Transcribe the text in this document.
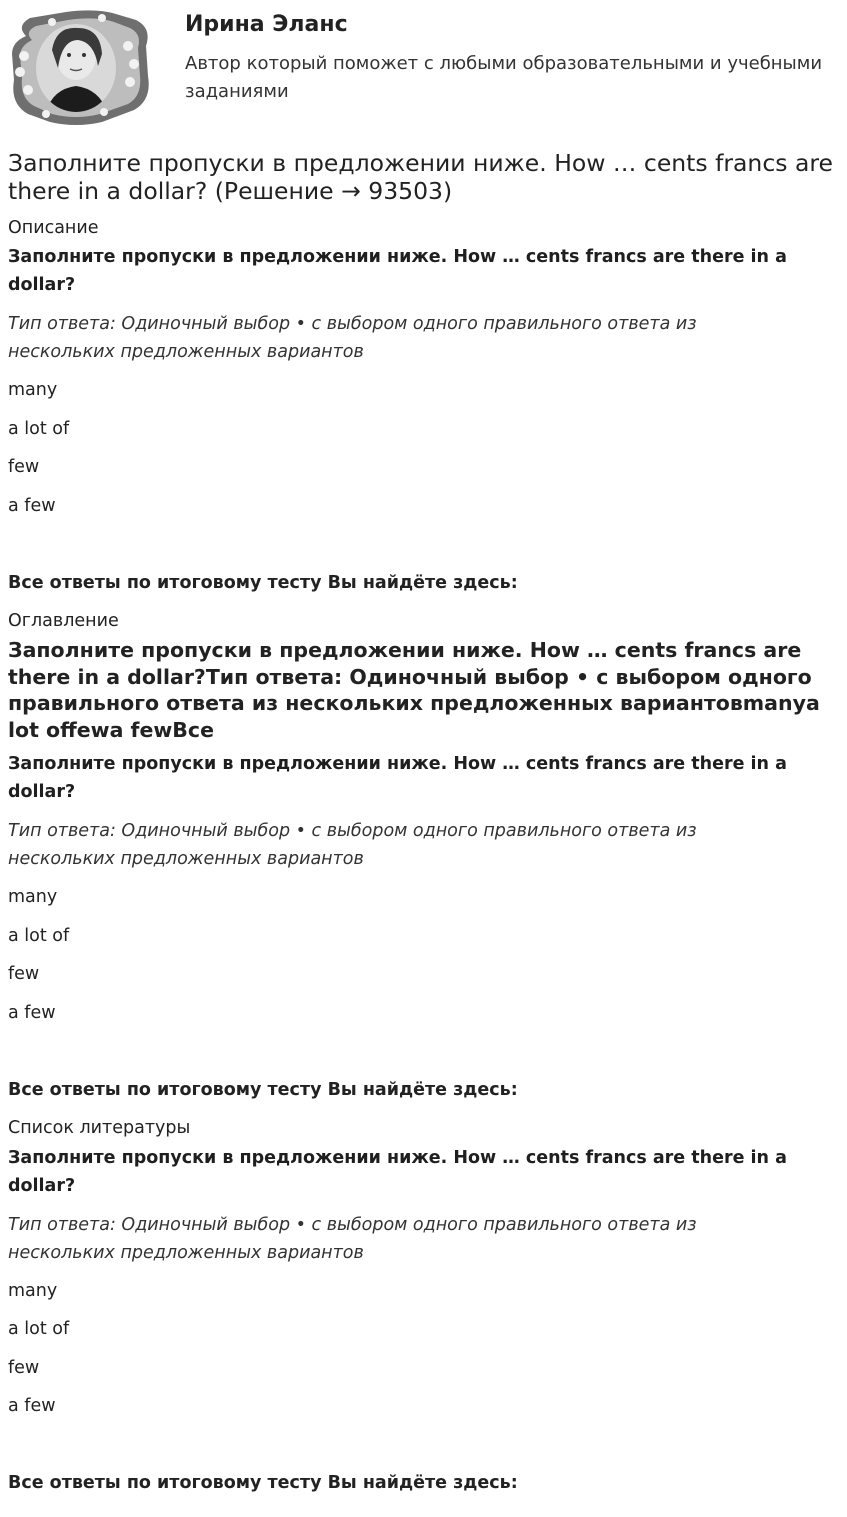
Ирина Эланс

Автор который поможет с любыми образовательными и учебными заданиями

Заполните пропуски в предложении ниже. How … cents francs are there in a dollar? (Решение → 93503)
Описание
Заполните пропуски в предложении ниже. How … cents francs are there in a dollar?
Тип ответа: Одиночный выбор • с выбором одного правильного ответа из нескольких предложенных вариантов
many
a lot of
few
a few
Все ответы по итоговому тесту Вы найдёте здесь:
Оглавление
Заполните пропуски в предложении ниже. How … cents francs are there in a dollar?Тип ответа: Одиночный выбор • с выбором одного правильного ответа из нескольких предложенных вариантовmanya lot offewa fewВсе
Заполните пропуски в предложении ниже. How … cents francs are there in a dollar?
Тип ответа: Одиночный выбор • с выбором одного правильного ответа из нескольких предложенных вариантов
many
a lot of
few
a few
Все ответы по итоговому тесту Вы найдёте здесь:
Список литературы
Заполните пропуски в предложении ниже. How … cents francs are there in a dollar?
Тип ответа: Одиночный выбор • с выбором одного правильного ответа из нескольких предложенных вариантов
many
a lot of
few
a few
Все ответы по итоговому тесту Вы найдёте здесь:
